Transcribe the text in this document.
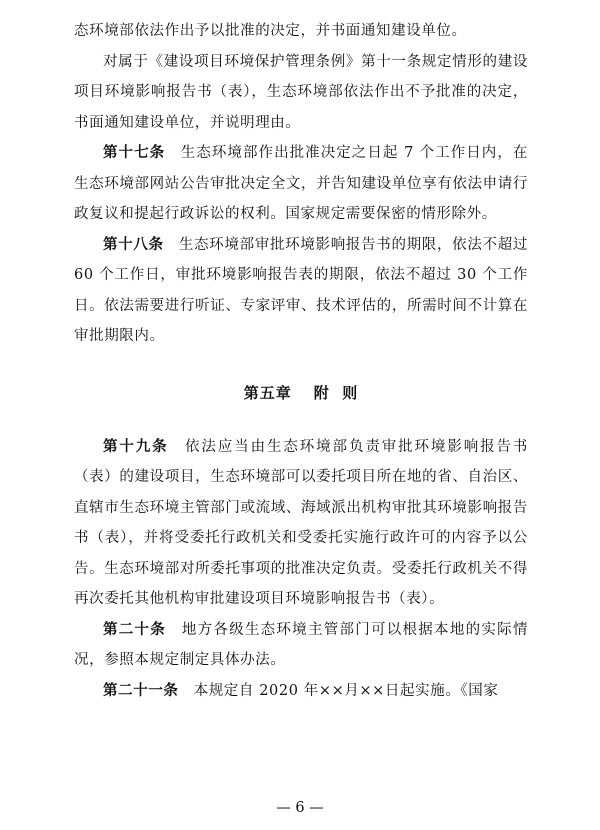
态环境部依法作出予以批准的决定，并书面通知建设单位。

对属于《建设项目环境保护管理条例》第十一条规定情形的建设项目环境影响报告书（表），生态环境部依法作出不予批准的决定，书面通知建设单位，并说明理由。

第十七条　 生态环境部作出批准决定之日起 7 个工作日内，在生态环境部网站公告审批决定全文，并告知建设单位享有依法申请行政复议和提起行政诉讼的权利。国家规定需要保密的情形除外。

第十八条　 生态环境部审批环境影响报告书的期限，依法不超过 60 个工作日，审批环境影响报告表的期限，依法不超过 30 个工作日。依法需要进行听证、专家评审、技术评估的，所需时间不计算在审批期限内。

第五章 附  则

第十九条　 依法应当由生态环境部负责审批环境影响报告书（表）的建设项目，生态环境部可以委托项目所在地的省、自治区、直辖市生态环境主管部门或流域、海域派出机构审批其环境影响报告书（表），并将受委托行政机关和受委托实施行政许可的内容予以公告。生态环境部对所委托事项的批准决定负责。受委托行政机关不得再次委托其他机构审批建设项目环境影响报告书（表）。

第二十条　 地方各级生态环境主管部门可以根据本地的实际情况，参照本规定制定具体办法。

第二十一条　 本规定自 2020 年××月××日起实施。《国家

— 6 —
